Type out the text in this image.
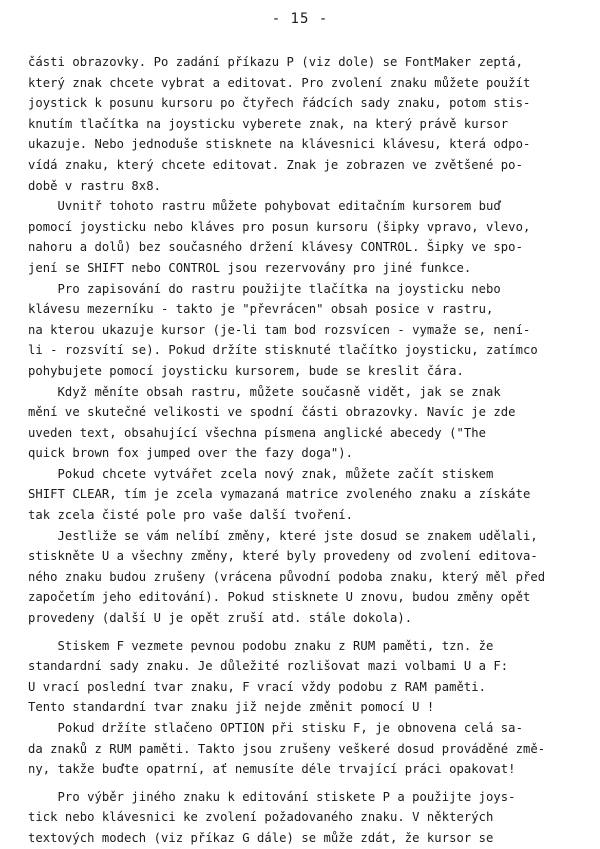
- 15 -
části obrazovky. Po zadání příkazu P (viz dole) se FontMaker zeptá,
který znak chcete vybrat a editovat. Pro zvolení znaku můžete použít
joystick k posunu kursoru po čtyřech řádcích sady znaku, potom stis-
knutím tlačítka na joysticku vyberete znak, na který právě kursor
ukazuje. Nebo jednoduše stisknete na klávesnici klávesu, která odpo-
vídá znaku, který chcete editovat. Znak je zobrazen ve zvětšené po-
době v rastru 8x8.
Uvnitř tohoto rastru můžete pohybovat editačním kursorem buď
pomocí joysticku nebo kláves pro posun kursoru (šipky vpravo, vlevo,
nahoru a dolů) bez současného držení klávesy CONTROL. Šipky ve spo-
jení se SHIFT nebo CONTROL jsou rezervovány pro jiné funkce.
Pro zapisování do rastru použijte tlačítka na joysticku nebo
klávesu mezerníku - takto je "převrácen" obsah posice v rastru,
na kterou ukazuje kursor (je-li tam bod rozsvícen - vymaže se, není-
li - rozsvítí se). Pokud držíte stisknuté tlačítko joysticku, zatímco
pohybujete pomocí joysticku kursorem, bude se kreslit čára.
Když měníte obsah rastru, můžete současně vidět, jak se znak
mění ve skutečné velikosti ve spodní části obrazovky. Navíc je zde
uveden text, obsahující všechna písmena anglické abecedy ("The
quick brown fox jumped over the fazy doga").
Pokud chcete vytvářet zcela nový znak, můžete začít stiskem
SHIFT CLEAR, tím je zcela vymazaná matrice zvoleného znaku a získáte
tak zcela čisté pole pro vaše další tvoření.
Jestliže se vám nelíbí změny, které jste dosud se znakem udělali,
stiskněte U a všechny změny, které byly provedeny od zvolení editova-
ného znaku budou zrušeny (vrácena původní podoba znaku, který měl před
započetím jeho editování). Pokud stisknete U znovu, budou změny opět
provedeny (další U je opět zruší atd. stále dokola).
Stiskem F vezmete pevnou podobu znaku z RUM paměti, tzn. že
standardní sady znaku. Je důležité rozlišovat mazi volbami U a F:
U vrací poslední tvar znaku, F vrací vždy podobu z RAM paměti.
Tento standardní tvar znaku již nejde změnit pomocí U !
Pokud držíte stlačeno OPTION při stisku F, je obnovena celá sa-
da znaků z RUM paměti. Takto jsou zrušeny veškeré dosud prováděné změ-
ny, takže buďte opatrní, ať nemusíte déle trvající práci opakovat!
Pro výběr jiného znaku k editování stiskete P a použijte joys-
tick nebo klávesnici ke zvolení požadovaného znaku. V některých
textových modech (viz příkaz G dále) se může zdát, že kursor se
